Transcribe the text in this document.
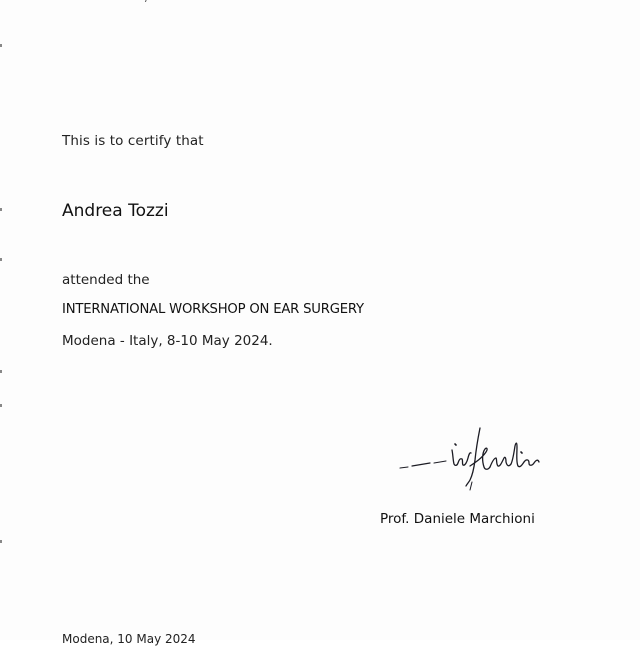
This is to certify that

Andrea Tozzi

attended the

INTERNATIONAL WORKSHOP ON EAR SURGERY

Modena - Italy, 8-10 May 2024.

Prof. Daniele Marchioni

Modena, 10 May 2024
